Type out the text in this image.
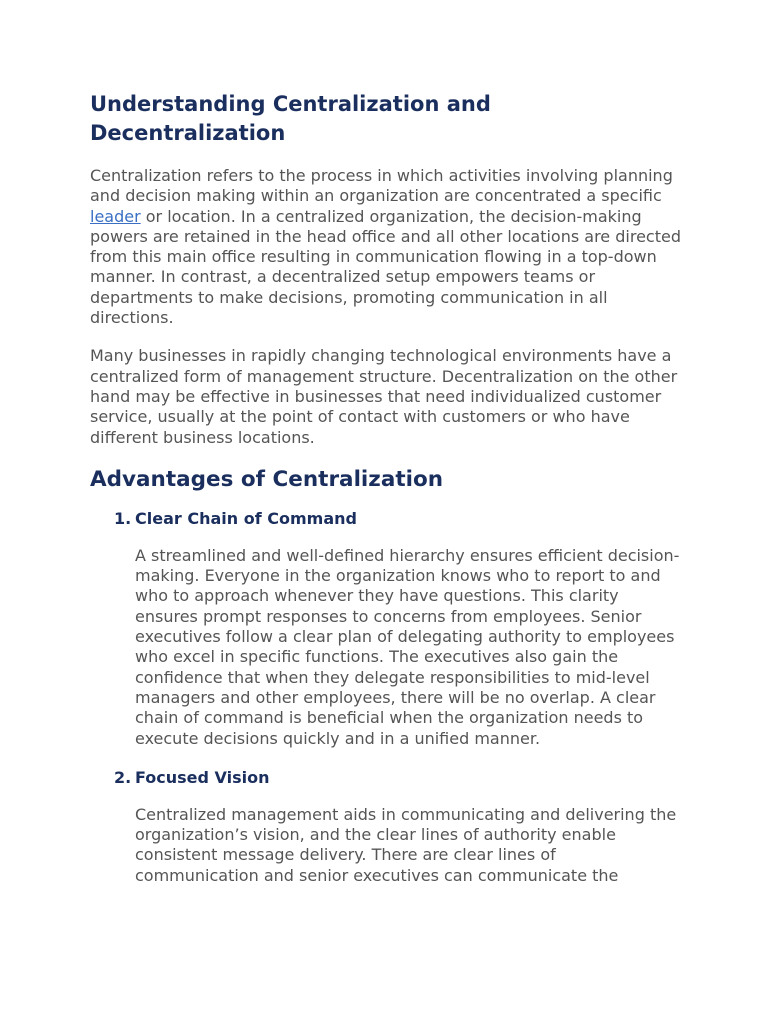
Understanding Centralization and Decentralization

Centralization refers to the process in which activities involving planning and decision making within an organization are concentrated a specific leader or location. In a centralized organization, the decision-making powers are retained in the head office and all other locations are directed from this main office resulting in communication flowing in a top-down manner. In contrast, a decentralized setup empowers teams or departments to make decisions, promoting communication in all directions.

Many businesses in rapidly changing technological environments have a centralized form of management structure. Decentralization on the other hand may be effective in businesses that need individualized customer service, usually at the point of contact with customers or who have different business locations.

Advantages of Centralization
1. Clear Chain of Command

A streamlined and well-defined hierarchy ensures efficient decision-making. Everyone in the organization knows who to report to and who to approach whenever they have questions. This clarity ensures prompt responses to concerns from employees. Senior executives follow a clear plan of delegating authority to employees who excel in specific functions. The executives also gain the confidence that when they delegate responsibilities to mid-level managers and other employees, there will be no overlap. A clear chain of command is beneficial when the organization needs to execute decisions quickly and in a unified manner.

2. Focused Vision

Centralized management aids in communicating and delivering the organization’s vision, and the clear lines of authority enable consistent message delivery. There are clear lines of communication and senior executives can communicate the
